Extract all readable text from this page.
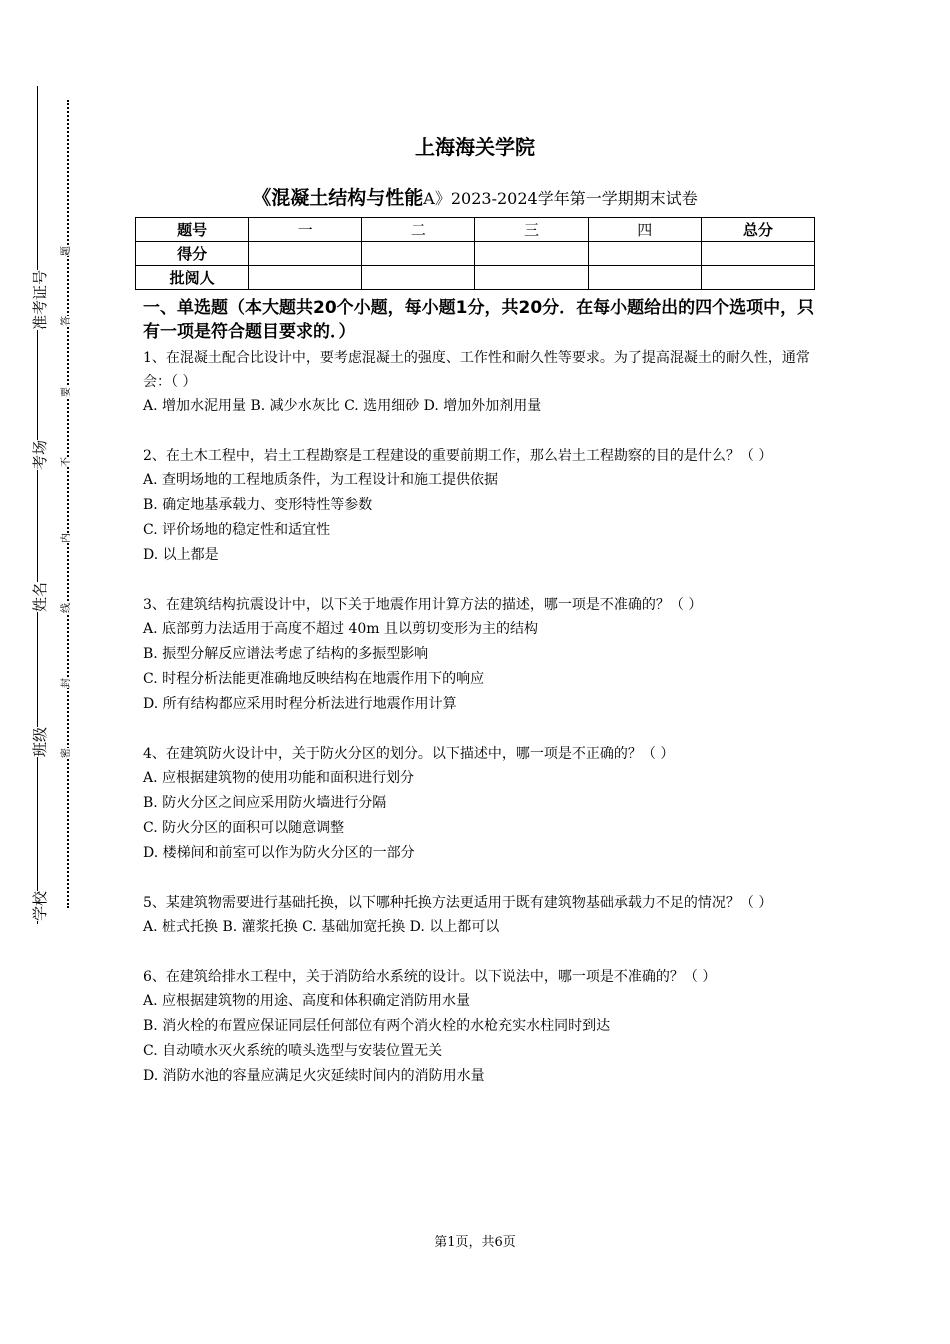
准考证号
考场
姓名
班级
学校
题
答
要
不
内
线
封
密
上海海关学院
《混凝土结构与性能A》2023-2024学年第一学期期末试卷
题号	一	二	三	四	总分
得分					
批阅人					
一、单选题（本大题共20个小题，每小题1分，共20分．在每小题给出的四个选项中，只有一项是符合题目要求的．）
1、在混凝土配合比设计中，要考虑混凝土的强度、工作性和耐久性等要求。为了提高混凝土的耐久性，通常会：（ ）
A. 增加水泥用量 B. 减少水灰比 C. 选用细砂 D. 增加外加剂用量
2、在土木工程中，岩土工程勘察是工程建设的重要前期工作，那么岩土工程勘察的目的是什么？（ ）
A. 查明场地的工程地质条件，为工程设计和施工提供依据
B. 确定地基承载力、变形特性等参数
C. 评价场地的稳定性和适宜性
D. 以上都是
3、在建筑结构抗震设计中，以下关于地震作用计算方法的描述，哪一项是不准确的？（ ）
A. 底部剪力法适用于高度不超过 40m 且以剪切变形为主的结构
B. 振型分解反应谱法考虑了结构的多振型影响
C. 时程分析法能更准确地反映结构在地震作用下的响应
D. 所有结构都应采用时程分析法进行地震作用计算
4、在建筑防火设计中，关于防火分区的划分。以下描述中，哪一项是不正确的？（ ）
A. 应根据建筑物的使用功能和面积进行划分
B. 防火分区之间应采用防火墙进行分隔
C. 防火分区的面积可以随意调整
D. 楼梯间和前室可以作为防火分区的一部分
5、某建筑物需要进行基础托换，以下哪种托换方法更适用于既有建筑物基础承载力不足的情况？（ ）
A. 桩式托换 B. 灌浆托换 C. 基础加宽托换 D. 以上都可以
6、在建筑给排水工程中，关于消防给水系统的设计。以下说法中，哪一项是不准确的？（ ）
A. 应根据建筑物的用途、高度和体积确定消防用水量
B. 消火栓的布置应保证同层任何部位有两个消火栓的水枪充实水柱同时到达
C. 自动喷水灭火系统的喷头选型与安装位置无关
D. 消防水池的容量应满足火灾延续时间内的消防用水量
第1页，共6页
